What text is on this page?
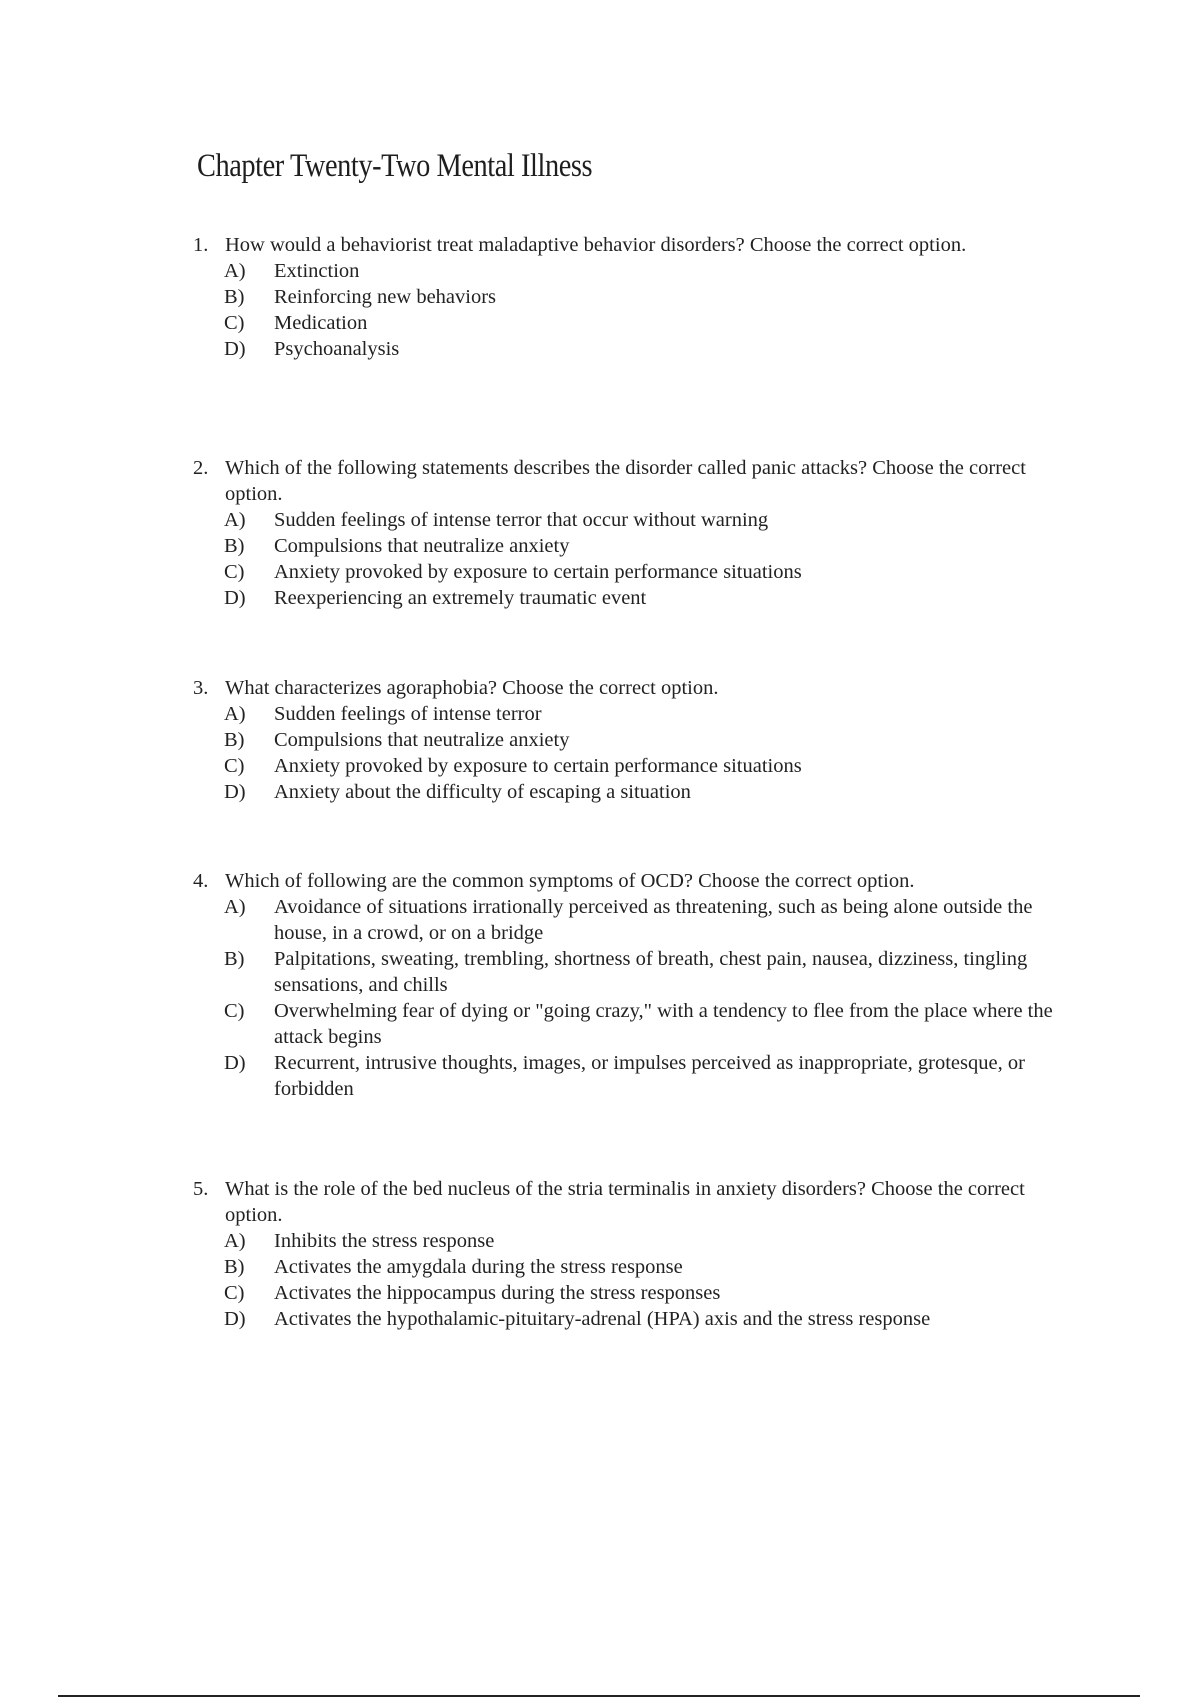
Chapter Twenty-Two Mental Illness
1. How would a behaviorist treat maladaptive behavior disorders? Choose the correct option.
A) Extinction
B) Reinforcing new behaviors
C) Medication
D) Psychoanalysis
2. Which of the following statements describes the disorder called panic attacks? Choose the correct option.
A) Sudden feelings of intense terror that occur without warning
B) Compulsions that neutralize anxiety
C) Anxiety provoked by exposure to certain performance situations
D) Reexperiencing an extremely traumatic event
3. What characterizes agoraphobia? Choose the correct option.
A) Sudden feelings of intense terror
B) Compulsions that neutralize anxiety
C) Anxiety provoked by exposure to certain performance situations
D) Anxiety about the difficulty of escaping a situation
4. Which of following are the common symptoms of OCD? Choose the correct option.
A) Avoidance of situations irrationally perceived as threatening, such as being alone outside the house, in a crowd, or on a bridge
B) Palpitations, sweating, trembling, shortness of breath, chest pain, nausea, dizziness, tingling sensations, and chills
C) Overwhelming fear of dying or "going crazy," with a tendency to flee from the place where the attack begins
D) Recurrent, intrusive thoughts, images, or impulses perceived as inappropriate, grotesque, or forbidden
5. What is the role of the bed nucleus of the stria terminalis in anxiety disorders? Choose the correct option.
A) Inhibits the stress response
B) Activates the amygdala during the stress response
C) Activates the hippocampus during the stress responses
D) Activates the hypothalamic-pituitary-adrenal (HPA) axis and the stress response
